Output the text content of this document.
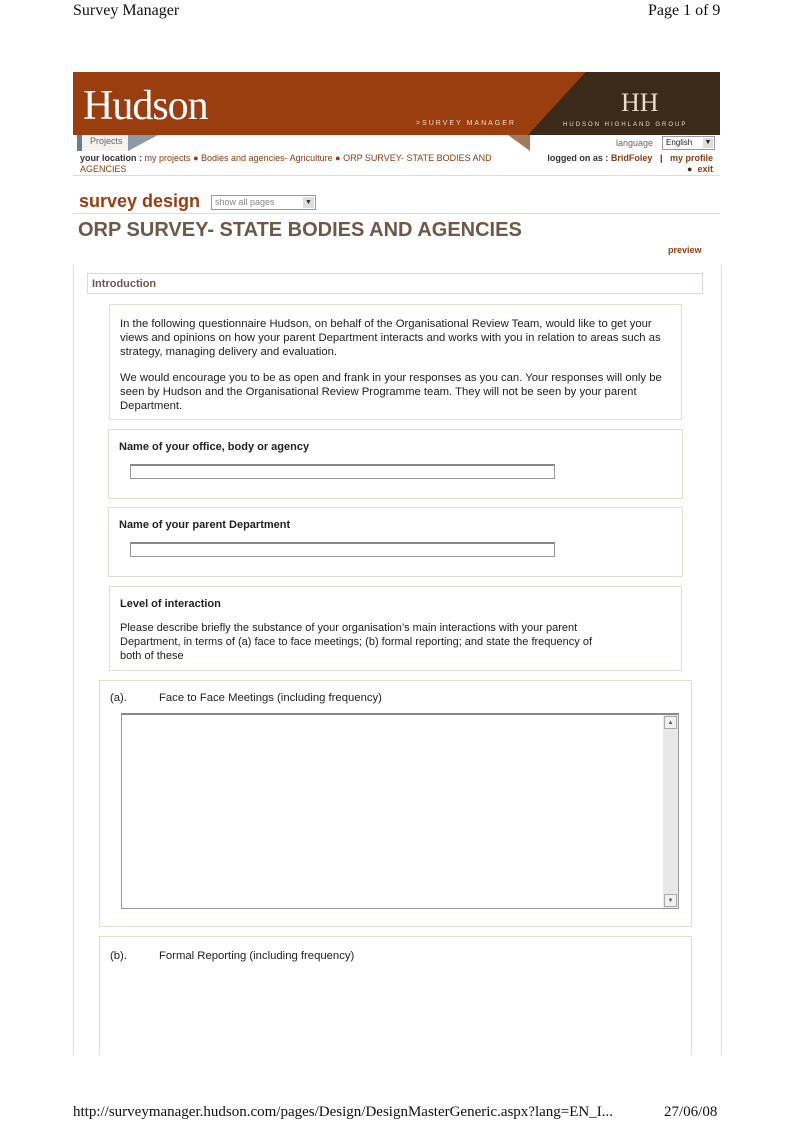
Survey Manager	Page 1 of 9
Hudson	>SURVEY MANAGER
HH
HUDSON HIGHLAND GROUP
Projects	language	English ▼
your location : my projects ● Bodies and agencies- Agriculture ● ORP SURVEY- STATE BODIES AND AGENCIES
logged on as : BridFoley | my profile  ● exit
survey design	show all pages	▼
ORP SURVEY- STATE BODIES AND AGENCIES
preview
Introduction
In the following questionnaire Hudson, on behalf of the Organisational Review Team, would like to get your views and opinions on how your parent Department interacts and works with you in relation to areas such as strategy, managing delivery and evaluation.
We would encourage you to be as open and frank in your responses as you can. Your responses will only be seen by Hudson and the Organisational Review Programme team. They will not be seen by your parent Department.
Name of your office, body or agency
Name of your parent Department
Level of interaction
Please describe briefly the substance of your organisation’s main interactions with your parent Department, in terms of (a) face to face meetings; (b) formal reporting; and state the frequency of both of these
(a).	Face to Face Meetings (including frequency)
▲
▼
(b).	Formal Reporting (including frequency)
http://surveymanager.hudson.com/pages/Design/DesignMasterGeneric.aspx?lang=EN_I...	27/06/08
